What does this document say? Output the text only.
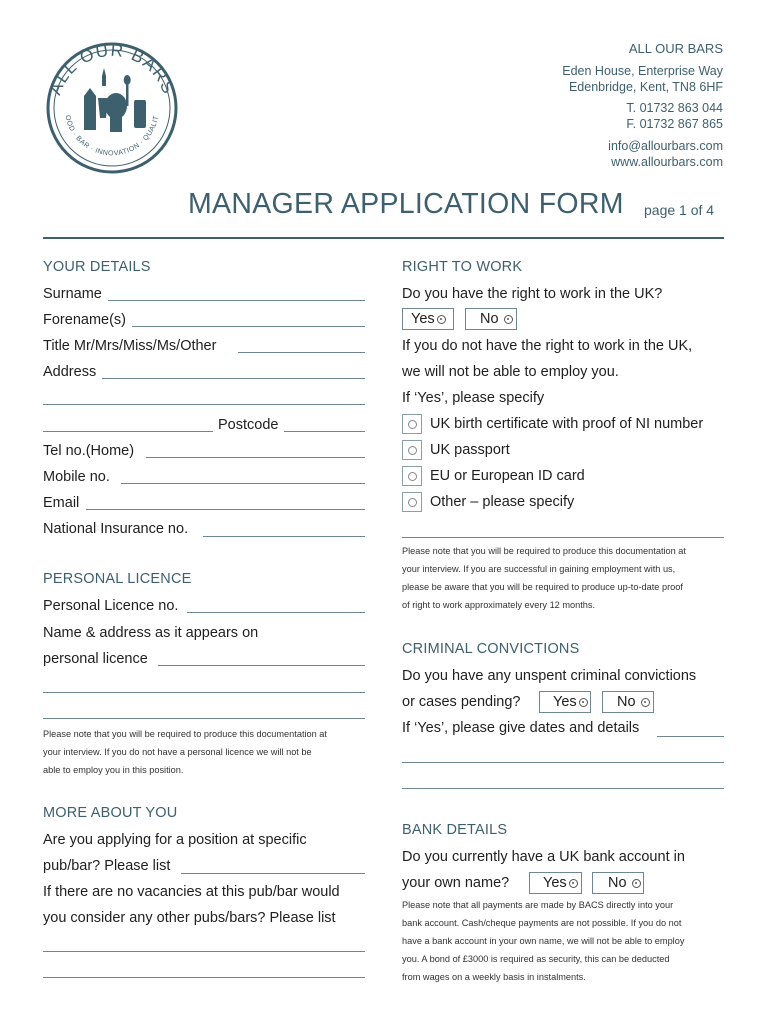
ALL OUR BARS
OOD · BAR · INNOVATION · QUALIT
ALL OUR BARS
Eden House, Enterprise Way
Edenbridge, Kent, TN8 6HF
T. 01732 863 044
F. 01732 867 865
info@allourbars.com
www.allourbars.com
MANAGER APPLICATION FORM page 1 of 4
YOUR DETAILS
Surname
Forename(s)
Title Mr/Mrs/Miss/Ms/Other
Address
Postcode
Tel no.(Home)
Mobile no.
Email
National Insurance no.
PERSONAL LICENCE
Personal Licence no.
Name & address as it appears on
personal licence
Please note that you will be required to produce this documentation at
your interview. If you do not have a personal licence we will not be
able to employ you in this position.
MORE ABOUT YOU
Are you applying for a position at specific
pub/bar? Please list
If there are no vacancies at this pub/bar would
you consider any other pubs/bars? Please list
RIGHT TO WORK
Do you have the right to work in the UK?
Yes	No
If you do not have the right to work in the UK,
we will not be able to employ you.
If ‘Yes’, please specify
UK birth certificate with proof of NI number
UK passport
EU or European ID card
Other – please specify
Please note that you will be required to produce this documentation at
your interview. If you are successful in gaining employment with us,
please be aware that you will be required to produce up-to-date proof
of right to work approximately every 12 months.
CRIMINAL CONVICTIONS
Do you have any unspent criminal convictions
or cases pending? Yes	No
If ‘Yes’, please give dates and details
BANK DETAILS
Do you currently have a UK bank account in
your own name? Yes	No
Please note that all payments are made by BACS directly into your
bank account. Cash/cheque payments are not possible. If you do not
have a bank account in your own name, we will not be able to employ
you. A bond of £3000 is required as security, this can be deducted
from wages on a weekly basis in instalments.
